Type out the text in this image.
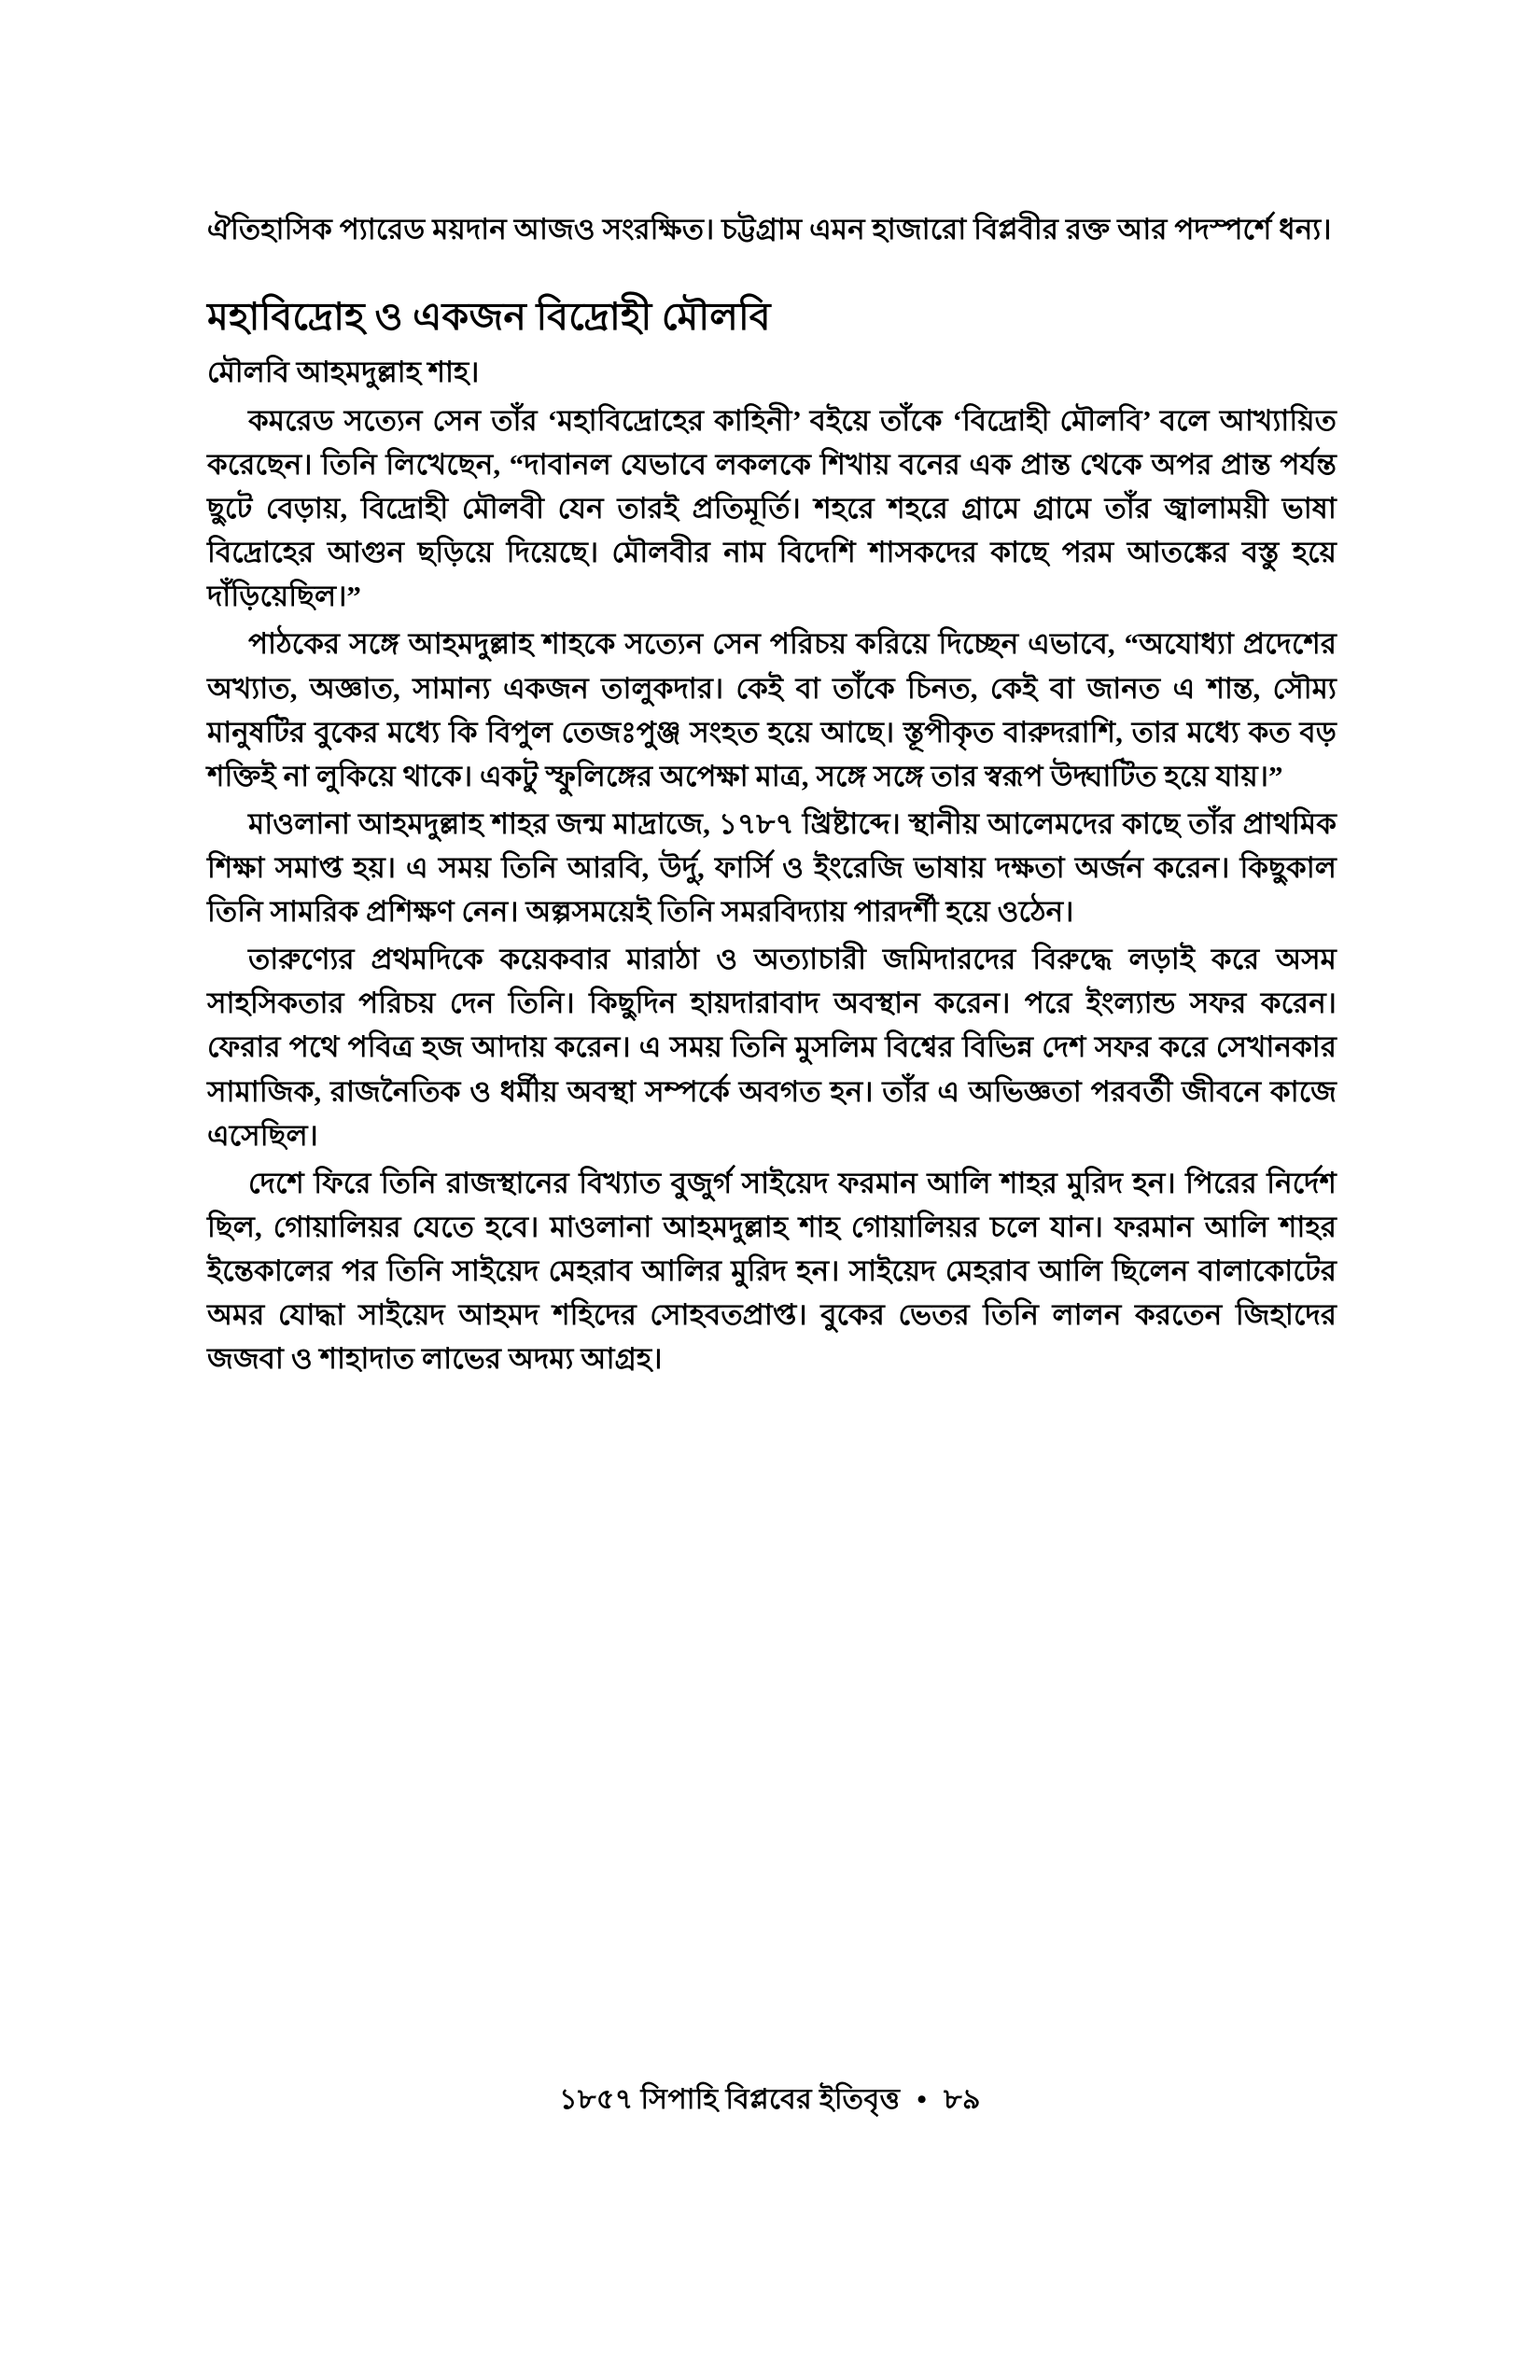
ঐতিহাসিক প্যারেড ময়দান আজও সংরক্ষিত। চট্টগ্রাম এমন হাজারো বিপ্লবীর রক্ত আর পদস্পর্শে ধন্য।

মহাবিদ্রোহ ও একজন বিদ্রোহী মৌলবি

মৌলবি আহমদুল্লাহ শাহ।

কমরেড সত্যেন সেন তাঁর ‘মহাবিদ্রোহের কাহিনী’ বইয়ে তাঁকে ‘বিদ্রোহী মৌলবি’ বলে আখ্যায়িত করেছেন। তিনি লিখেছেন, “দাবানল যেভাবে লকলকে শিখায় বনের এক প্রান্ত থেকে অপর প্রান্ত পর্যন্ত ছুটে বেড়ায়, বিদ্রোহী মৌলবী যেন তারই প্রতিমূর্তি। শহরে শহরে গ্রামে গ্রামে তাঁর জ্বালাময়ী ভাষা বিদ্রোহের আগুন ছড়িয়ে দিয়েছে। মৌলবীর নাম বিদেশি শাসকদের কাছে পরম আতঙ্কের বস্তু হয়ে দাঁড়িয়েছিল।”

পাঠকের সঙ্গে আহমদুল্লাহ শাহকে সত্যেন সেন পরিচয় করিয়ে দিচ্ছেন এভাবে, “অযোধ্যা প্রদেশের অখ্যাত, অজ্ঞাত, সামান্য একজন তালুকদার। কেই বা তাঁকে চিনত, কেই বা জানত এ শান্ত, সৌম্য মানুষটির বুকের মধ্যে কি বিপুল তেজঃপুঞ্জ সংহত হয়ে আছে। স্তূপীকৃত বারুদরাশি, তার মধ্যে কত বড় শক্তিই না লুকিয়ে থাকে। একটু স্ফুলিঙ্গের অপেক্ষা মাত্র, সঙ্গে সঙ্গে তার স্বরূপ উদ্ঘাটিত হয়ে যায়।”

মাওলানা আহমদুল্লাহ শাহর জন্ম মাদ্রাজে, ১৭৮৭ খ্রিষ্টাব্দে। স্থানীয় আলেমদের কাছে তাঁর প্রাথমিক শিক্ষা সমাপ্ত হয়। এ সময় তিনি আরবি, উর্দু, ফার্সি ও ইংরেজি ভাষায় দক্ষতা অর্জন করেন। কিছুকাল তিনি সামরিক প্রশিক্ষণ নেন। অল্পসময়েই তিনি সমরবিদ্যায় পারদর্শী হয়ে ওঠেন।

তারুণ্যের প্রথমদিকে কয়েকবার মারাঠা ও অত্যাচারী জমিদারদের বিরুদ্ধে লড়াই করে অসম সাহসিকতার পরিচয় দেন তিনি। কিছুদিন হায়দারাবাদ অবস্থান করেন। পরে ইংল্যান্ড সফর করেন। ফেরার পথে পবিত্র হজ আদায় করেন। এ সময় তিনি মুসলিম বিশ্বের বিভিন্ন দেশ সফর করে সেখানকার সামাজিক, রাজনৈতিক ও ধর্মীয় অবস্থা সম্পর্কে অবগত হন। তাঁর এ অভিজ্ঞতা পরবর্তী জীবনে কাজে এসেছিল।

দেশে ফিরে তিনি রাজস্থানের বিখ্যাত বুজুর্গ সাইয়েদ ফরমান আলি শাহর মুরিদ হন। পিরের নির্দেশ ছিল, গোয়ালিয়র যেতে হবে। মাওলানা আহমদুল্লাহ শাহ গোয়ালিয়র চলে যান। ফরমান আলি শাহর ইন্তেকালের পর তিনি সাইয়েদ মেহরাব আলির মুরিদ হন। সাইয়েদ মেহরাব আলি ছিলেন বালাকোটের অমর যোদ্ধা সাইয়েদ আহমদ শহিদের সোহবতপ্রাপ্ত। বুকের ভেতর তিনি লালন করতেন জিহাদের জজবা ও শাহাদাত লাভের অদম্য আগ্রহ।

১৮৫৭ সিপাহি বিপ্লবের ইতিবৃত্ত • ৮৯
